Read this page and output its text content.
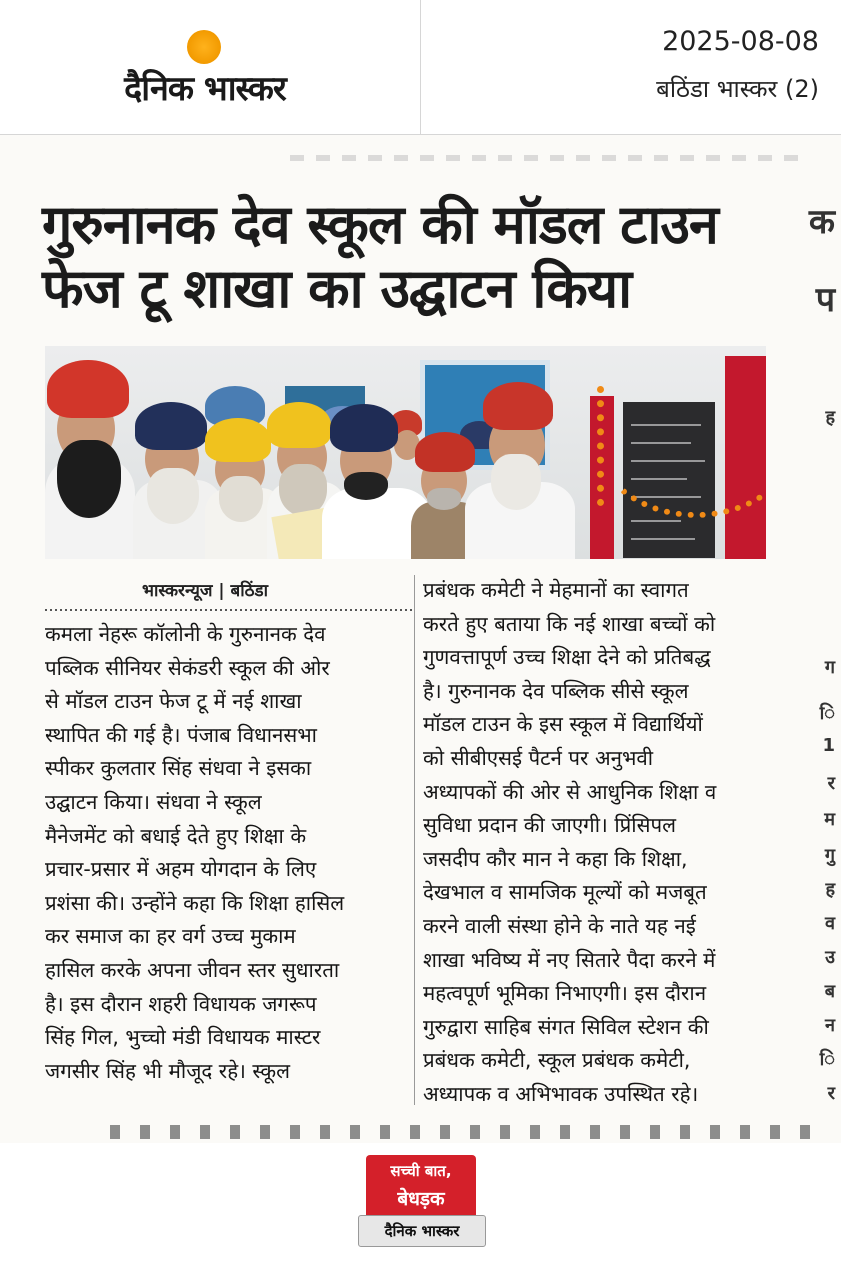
दैनिक भास्कर
2025-08-08
बठिंडा भास्कर (2)
गुरुनानक देव स्कूल की मॉडल टाउन
फेज टू शाखा का उद्घाटन किया
क
प
ह
ग
ि
1
र
म
गु
ह
व
उ
ब
न
ि
र
भास्करन्यूज | बठिंडा
कमला नेहरू कॉलोनी के गुरुनानक देव
पब्लिक सीनियर सेकंडरी स्कूल की ओर
से मॉडल टाउन फेज टू में नई शाखा
स्थापित की गई है। पंजाब विधानसभा
स्पीकर कुलतार सिंह संधवा ने इसका
उद्घाटन किया। संधवा ने स्कूल
मैनेजमेंट को बधाई देते हुए शिक्षा के
प्रचार-प्रसार में अहम योगदान के लिए
प्रशंसा की। उन्होंने कहा कि शिक्षा हासिल
कर समाज का हर वर्ग उच्च मुकाम
हासिल करके अपना जीवन स्तर सुधारता
है। इस दौरान शहरी विधायक जगरूप
सिंह गिल, भुच्चो मंडी विधायक मास्टर
जगसीर सिंह भी मौजूद रहे। स्कूल
प्रबंधक कमेटी ने मेहमानों का स्वागत
करते हुए बताया कि नई शाखा बच्चों को
गुणवत्तापूर्ण उच्च शिक्षा देने को प्रतिबद्ध
है। गुरुनानक देव पब्लिक सीसे स्कूल
मॉडल टाउन के इस स्कूल में विद्यार्थियों
को सीबीएसई पैटर्न पर अनुभवी
अध्यापकों की ओर से आधुनिक शिक्षा व
सुविधा प्रदान की जाएगी। प्रिंसिपल
जसदीप कौर मान ने कहा कि शिक्षा,
देखभाल व सामजिक मूल्यों को मजबूत
करने वाली संस्था होने के नाते यह नई
शाखा भविष्य में नए सितारे पैदा करने में
महत्वपूर्ण भूमिका निभाएगी। इस दौरान
गुरुद्वारा साहिब संगत सिविल स्टेशन की
प्रबंधक कमेटी, स्कूल प्रबंधक कमेटी,
अध्यापक व अभिभावक उपस्थित रहे।
सच्ची बात,
बेधड़क
दैनिक भास्कर
